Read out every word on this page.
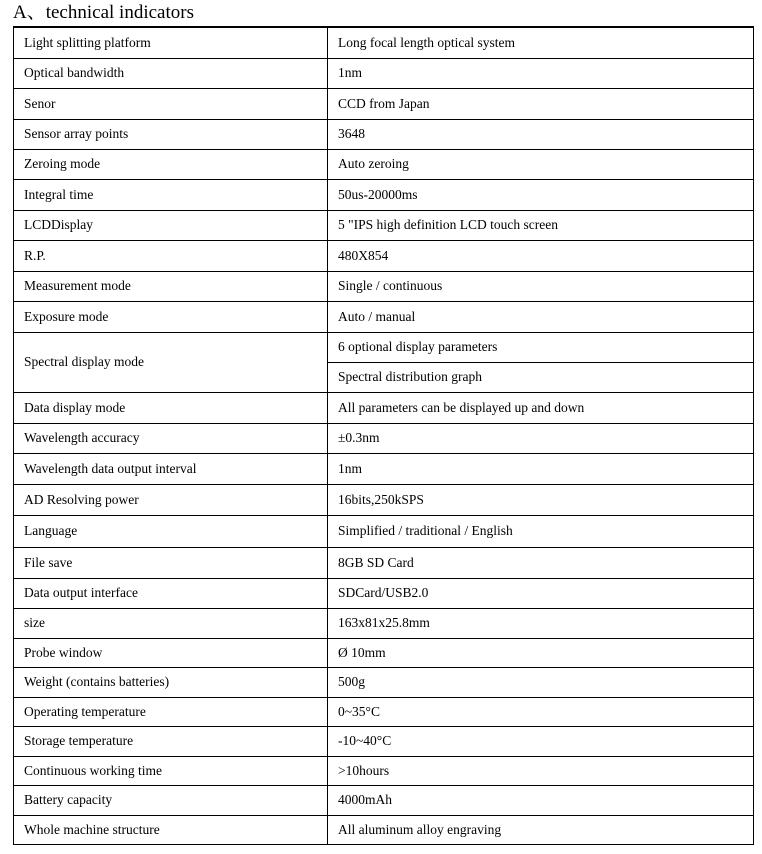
A、technical indicators
Light splitting platform	Long focal length optical system
Optical bandwidth	1nm
Senor	CCD from Japan
Sensor array points	3648
Zeroing mode	Auto zeroing
Integral time	50us-20000ms
LCDDisplay	5 "IPS high definition LCD touch screen
R.P.	480X854
Measurement mode	Single / continuous
Exposure mode	Auto / manual
Spectral display mode	6 optional display parameters
	Spectral distribution graph
Data display mode	All parameters can be displayed up and down
Wavelength accuracy	±0.3nm
Wavelength data output interval	1nm
AD Resolving power	16bits,250kSPS
Language	Simplified / traditional / English
File save	8GB SD Card
Data output interface	SDCard/USB2.0
size	163x81x25.8mm
Probe window	Ø 10mm
Weight (contains batteries)	500g
Operating temperature	0~35°C
Storage temperature	-10~40°C
Continuous working time	>10hours
Battery capacity	4000mAh
Whole machine structure	All aluminum alloy engraving
